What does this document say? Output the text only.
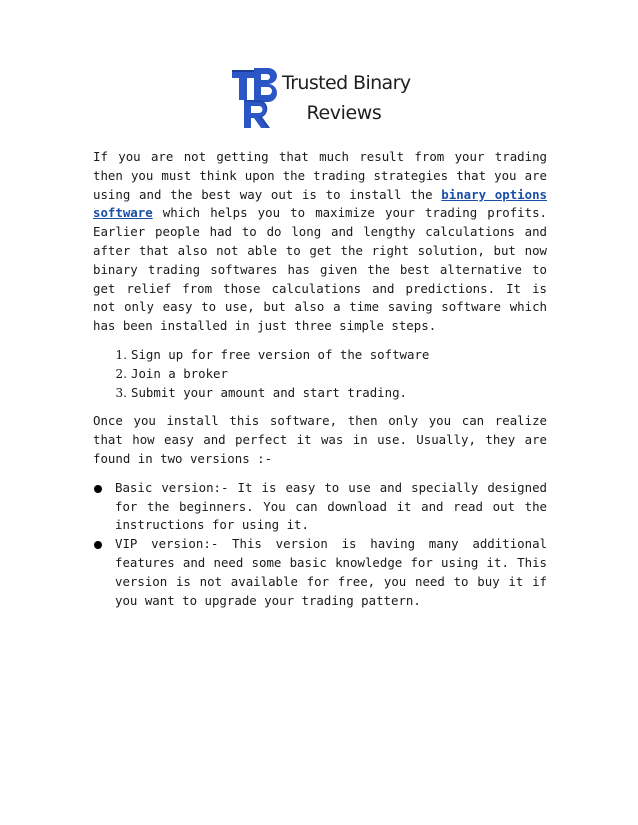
Trusted Binary
Reviews

If you are not getting that much result from your trading then you must think upon the trading strategies that you are using and the best way out is to install the binary options software which helps you to maximize your trading profits. Earlier people had to do long and lengthy calculations and after that also not able to get the right solution, but now binary trading softwares has given the best alternative to get relief from those calculations and predictions. It is not only easy to use, but also a time saving software which has been installed in just three simple steps.

1. Sign up for free version of the software
2. Join a broker
3. Submit your amount and start trading.

Once you install this software, then only you can realize that how easy and perfect it was in use. Usually, they are found in two versions :-

Basic version:- It is easy to use and specially designed for the beginners. You can download it and read out the instructions for using it.
VIP version:- This version is having many additional features and need some basic knowledge for using it. This version is not available for free, you need to buy it if you want to upgrade your trading pattern.
